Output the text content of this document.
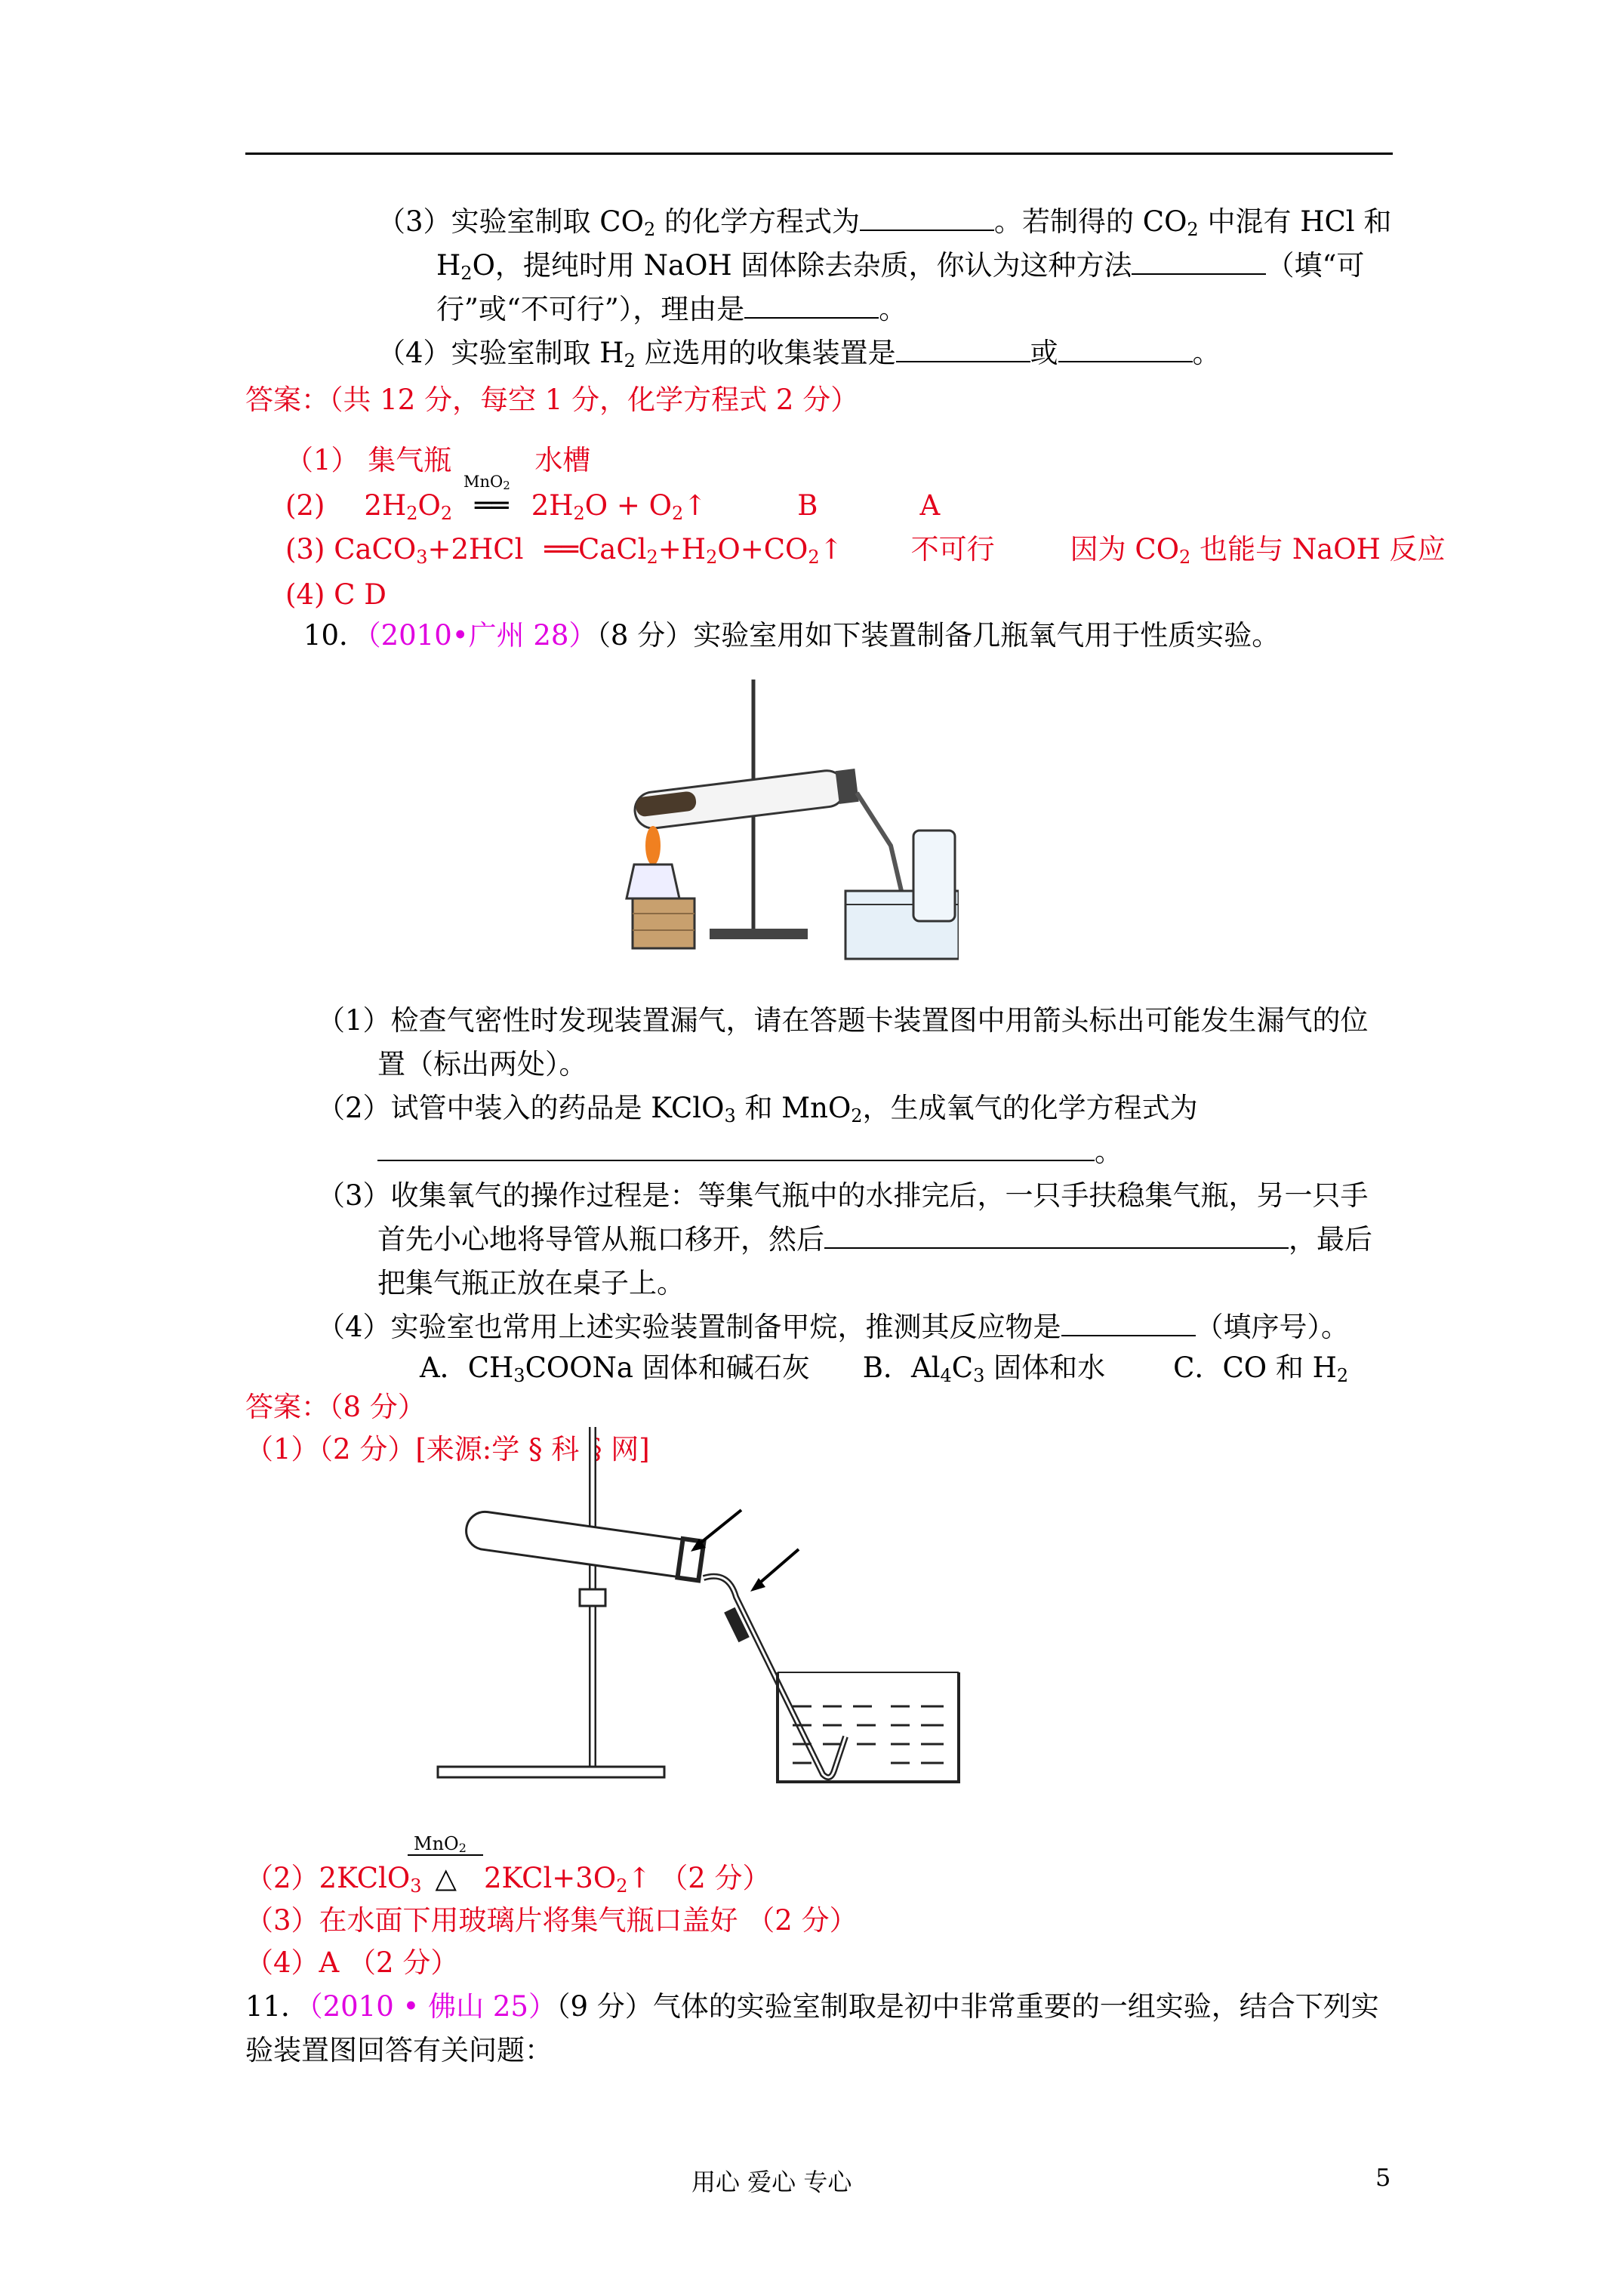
（3）实验室制取 $CO_2$ 的化学方程式为	。若制得的 $CO_2$ 中混有 HCl 和
$H_2O$，提纯时用 NaOH 固体除去杂质，你认为这种方法	（填“可
行”或“不可行”），理由是	。
（4）实验室制取 $H_2$ 应选用的收集装置是	或	。
答案：（共 12 分，每空 1 分，化学方程式 2 分）
（1） 集气瓶	水槽
MnO$_2$
(2) $2H_2O_2$ ══ $2H_2O$ + $O_2↑$	B	A
(3) CaCO$_3$+2HCl $══CaCl_2+H_2O+CO_2↑$ 不可行	因为 $CO_2$ 也能与 NaOH 反应
(4) C D
10．（2010•广州 28）（8 分）实验室用如下装置制备几瓶氧气用于性质实验。
（1）检查气密性时发现装置漏气，请在答题卡装置图中用箭头标出可能发生漏气的位
置（标出两处）。
（2）试管中装入的药品是 KClO$_3$ 和 MnO$_2$，生成氧气的化学方程式为
。
（3）收集氧气的操作过程是：等集气瓶中的水排完后，一只手扶稳集气瓶，另一只手
首先小心地将导管从瓶口移开，然后	，最后
把集气瓶正放在桌子上。
（4）实验室也常用上述实验装置制备甲烷，推测其反应物是	（填序号）。
A．$CH_3COONa$ 固体和碱石灰 B．$Al_4C_3$ 固体和水 C．CO 和 $H_2$
答案：（8 分）
（1）（2 分）[来源:学 § 科 § 网]
MnO$_2$
（2）2KClO$_3$ △ $2KCl+3O_2↑$ （2 分）
（3）在水面下用玻璃片将集气瓶口盖好 （2 分）
（4）A （2 分）
11．（2010 • 佛山 25）（9 分）气体的实验室制取是初中非常重要的一组实验，结合下列实
验装置图回答有关问题：
用心 爱心 专心	5
